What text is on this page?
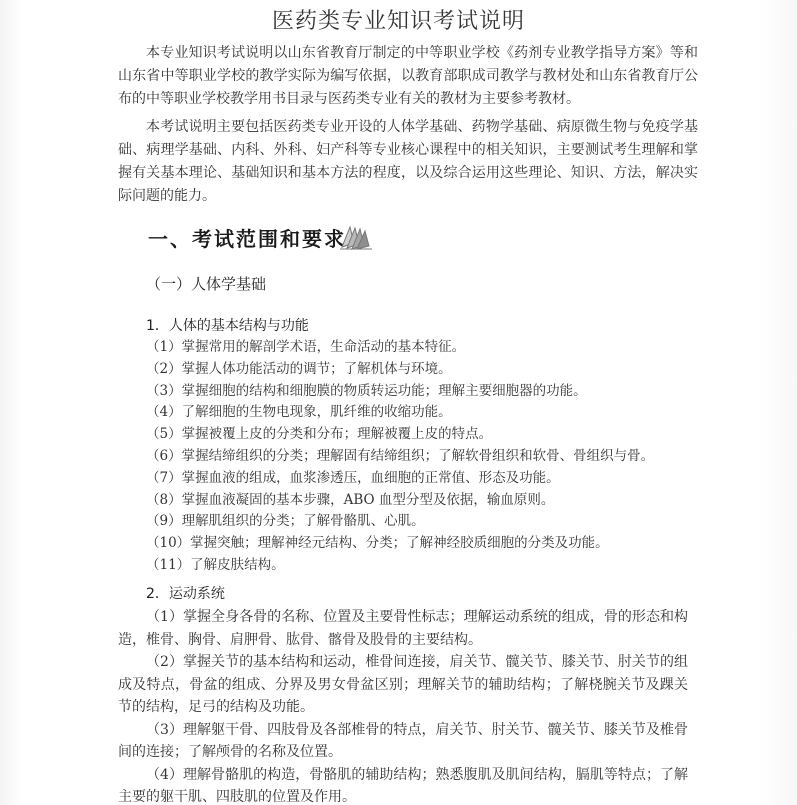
医药类专业知识考试说明

本专业知识考试说明以山东省教育厅制定的中等职业学校《药剂专业教学指导方案》等和山东省中等职业学校的教学实际为编写依据，以教育部职成司教学与教材处和山东省教育厅公布的中等职业学校教学用书目录与医药类专业有关的教材为主要参考教材。

本考试说明主要包括医药类专业开设的人体学基础、药物学基础、病原微生物与免疫学基础、病理学基础、内科、外科、妇产科等专业核心课程中的相关知识，主要测试考生理解和掌握有关基本理论、基础知识和基本方法的程度，以及综合运用这些理论、知识、方法，解决实际问题的能力。

一、考试范围和要求
（一）人体学基础
1．人体的基本结构与功能
（1）掌握常用的解剖学术语，生命活动的基本特征。
（2）掌握人体功能活动的调节；了解机体与环境。
（3）掌握细胞的结构和细胞膜的物质转运功能；理解主要细胞器的功能。
（4）了解细胞的生物电现象，肌纤维的收缩功能。
（5）掌握被覆上皮的分类和分布；理解被覆上皮的特点。
（6）掌握结缔组织的分类；理解固有结缔组织；了解软骨组织和软骨、骨组织与骨。
（7）掌握血液的组成，血浆渗透压，血细胞的正常值、形态及功能。
（8）掌握血液凝固的基本步骤，ABO 血型分型及依据，输血原则。
（9）理解肌组织的分类；了解骨骼肌、心肌。
（10）掌握突触；理解神经元结构、分类；了解神经胶质细胞的分类及功能。
（11）了解皮肤结构。
2．运动系统

（1）掌握全身各骨的名称、位置及主要骨性标志；理解运动系统的组成，骨的形态和构造，椎骨、胸骨、肩胛骨、肱骨、髂骨及股骨的主要结构。

（2）掌握关节的基本结构和运动，椎骨间连接，肩关节、髋关节、膝关节、肘关节的组成及特点，骨盆的组成、分界及男女骨盆区别；理解关节的辅助结构；了解桡腕关节及踝关节的结构，足弓的结构及功能。

（3）理解躯干骨、四肢骨及各部椎骨的特点，肩关节、肘关节、髋关节、膝关节及椎骨间的连接；了解颅骨的名称及位置。

（4）理解骨骼肌的构造，骨骼肌的辅助结构；熟悉腹肌及肌间结构，膈肌等特点；了解主要的躯干肌、四肢肌的位置及作用。
